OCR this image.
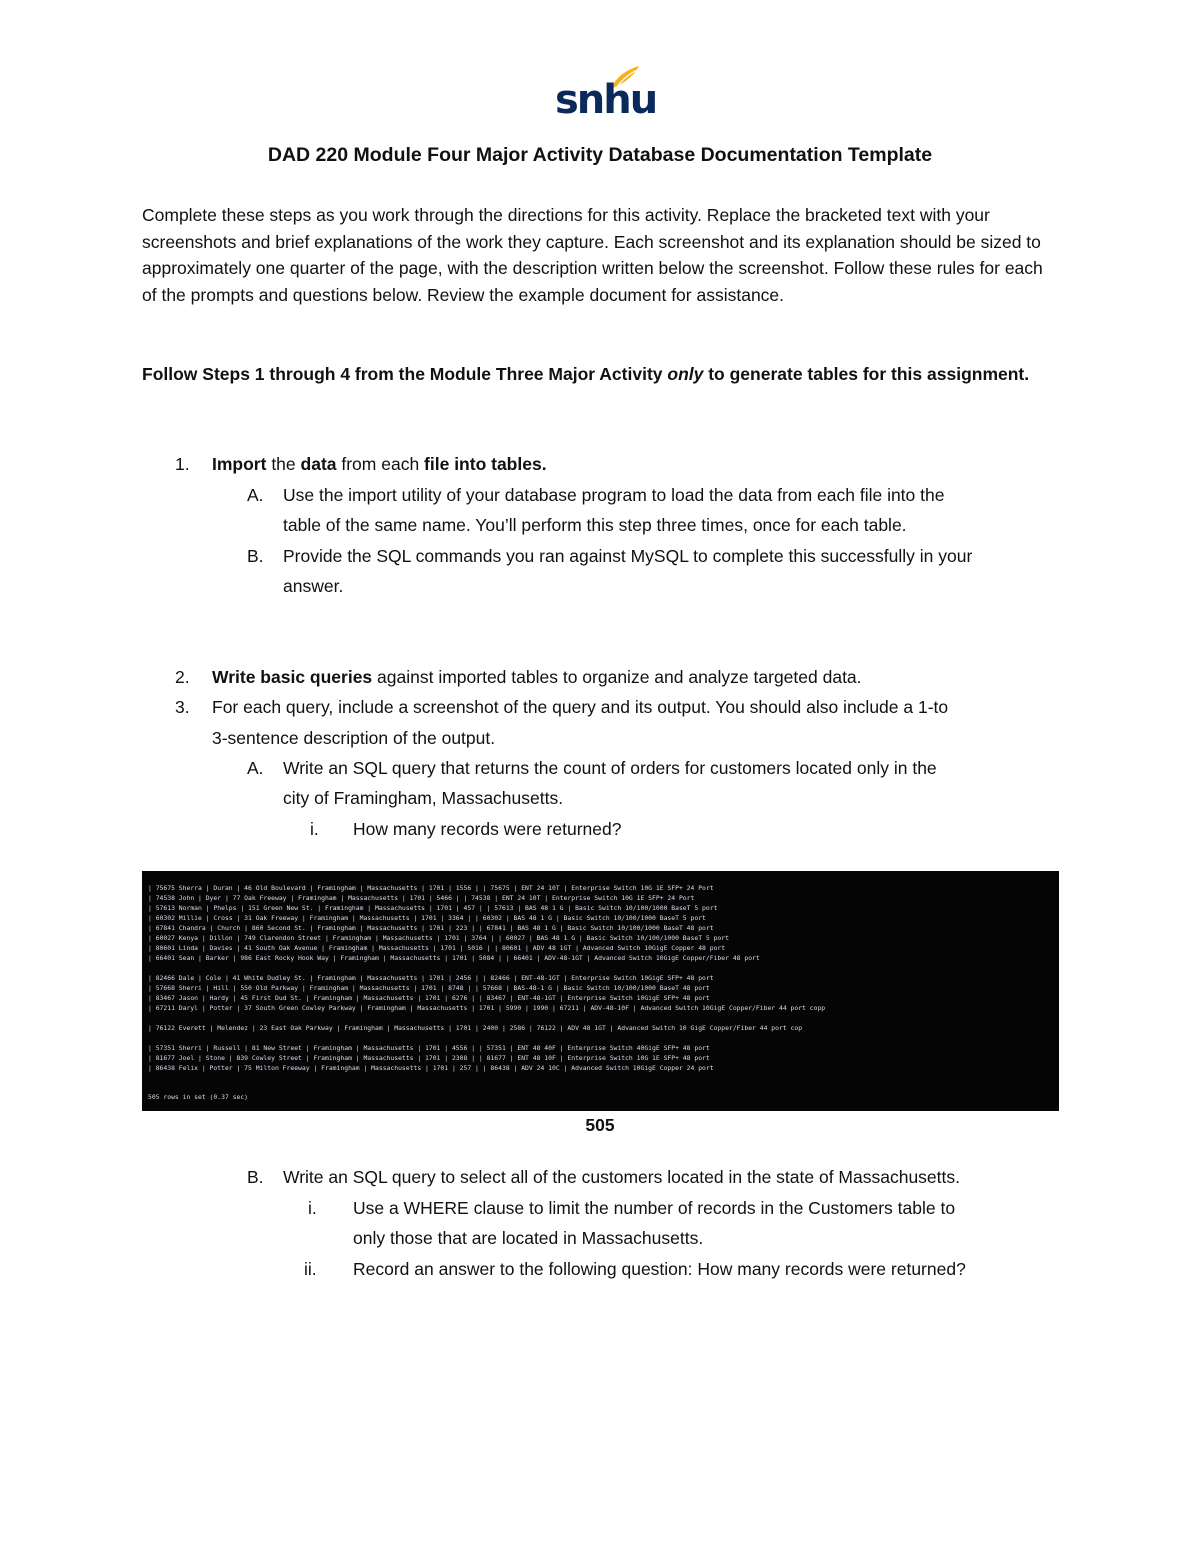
snhu
DAD 220 Module Four Major Activity Database Documentation Template

Complete these steps as you work through the directions for this activity. Replace the bracketed text with your screenshots and brief explanations of the work they capture. Each screenshot and its explanation should be sized to approximately one quarter of the page, with the description written below the screenshot. Follow these rules for each of the prompts and questions below. Review the example document for assistance.

Follow Steps 1 through 4 from the Module Three Major Activity only to generate tables for this assignment.

1. Import the data from each file into tables.

A. Use the import utility of your database program to load the data from each file into the

table of the same name. You’ll perform this step three times, once for each table.

B. Provide the SQL commands you ran against MySQL to complete this successfully in your

answer.

2. Write basic queries against imported tables to organize and analyze targeted data.

3. For each query, include a screenshot of the query and its output. You should also include a 1-to

3-sentence description of the output.

A. Write an SQL query that returns the count of orders for customers located only in the

city of Framingham, Massachusetts.

i. How many records were returned?

| 75675 Sherra | Duran | 46 Old Boulevard | Framingham | Massachusetts | 1701 | 1556 | | 75675 | ENT 24 10T | Enterprise Switch 10G 1E SFP+ 24 Port
| 74538 John | Dyer | 77 Oak Freeway | Framingham | Massachusetts | 1701 | 5466 | | 74538 | ENT 24 10T | Enterprise Switch 10G 1E SFP+ 24 Port
| 57613 Norman | Phelps | 151 Green New St. | Framingham | Massachusetts | 1701 | 457 | | 57613 | BAS 48 1 G | Basic Switch 10/100/1000 BaseT 5 port
| 60302 Millie | Cross | 31 Oak Freeway | Framingham | Massachusetts | 1701 | 3364 | | 60302 | BAS 48 1 G | Basic Switch 10/100/1000 BaseT 5 port
| 67841 Chandra | Church | 860 Second St. | Framingham | Massachusetts | 1701 | 223 | | 67841 | BAS 48 1 G | Basic Switch 10/100/1000 BaseT 48 port
| 60027 Kenya | Dillon | 749 Clarendon Street | Framingham | Massachusetts | 1701 | 3764 | | 60027 | BAS 48 1 G | Basic Switch 10/100/1000 BaseT 5 port
| 80601 Linda | Davies | 41 South Oak Avenue | Framingham | Massachusetts | 1701 | 5016 | | 80601 | ADV 48 1GT | Advanced Switch 10GigE Copper 48 port
| 66401 Sean | Barker | 986 East Rocky Hook Way | Framingham | Massachusetts | 1701 | 5084 | | 66401 | ADV-48-1GT | Advanced Switch 10GigE Copper/Fiber 48 port
| 82466 Dale | Cole | 41 White Dudley St. | Framingham | Massachusetts | 1701 | 2456 | | 82466 | ENT-48-1GT | Enterprise Switch 10GigE SFP+ 48 port
| 57668 Sherri | Hill | 550 Old Parkway | Framingham | Massachusetts | 1701 | 8748 | | 57668 | BAS-48-1 G | Basic Switch 10/100/1000 BaseT 48 port
| 83467 Jason | Hardy | 45 First Dud St. | Framingham | Massachusetts | 1701 | 6276 | | 83467 | ENT-48-1GT | Enterprise Switch 10GigE SFP+ 48 port
| 67211 Daryl | Potter | 37 South Green Cowley Parkway | Framingham | Massachusetts | 1701 | 5990 | 1990 | 67211 | ADV-48-10F | Advanced Switch 10GigE Copper/Fiber 44 port copp
| 76122 Everett | Melendez | 23 East Oak Parkway | Framingham | Massachusetts | 1701 | 2400 | 2586 | 76122 | ADV 48 1GT | Advanced Switch 10 GigE Copper/Fiber 44 port cop
| 57351 Sherri | Russell | 81 New Street | Framingham | Massachusetts | 1701 | 4556 | | 57351 | ENT 48 40F | Enterprise Switch 40GigE SFP+ 48 port
| 81677 Joel | Stone | 839 Cowley Street | Framingham | Massachusetts | 1701 | 2308 | | 81677 | ENT 48 10F | Enterprise Switch 10G 1E SFP+ 48 port
| 86438 Felix | Potter | 75 Milton Freeway | Framingham | Massachusetts | 1701 | 257 | | 86438 | ADV 24 10C | Advanced Switch 10GigE Copper 24 port
505 rows in set (0.37 sec)
505
B. Write an SQL query to select all of the customers located in the state of Massachusetts.

i. Use a WHERE clause to limit the number of records in the Customers table to

only those that are located in Massachusetts.

ii. Record an answer to the following question: How many records were returned?
